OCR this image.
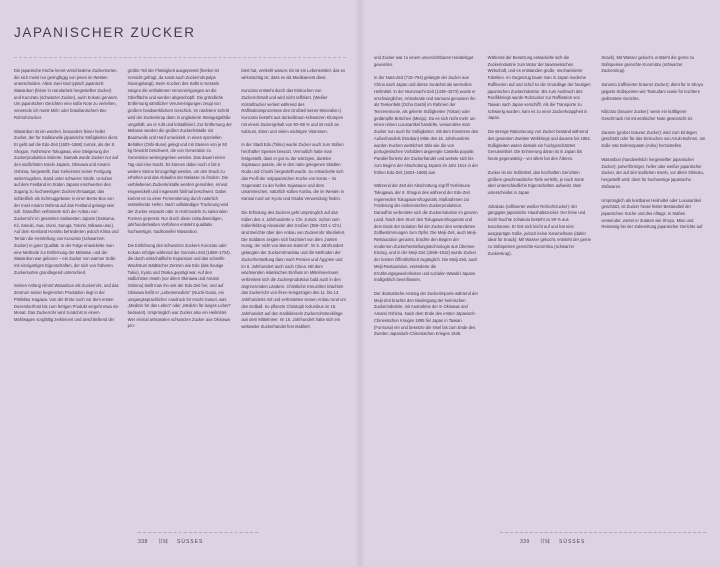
JAPANISCHER ZUCKER

Die japanische Küche kennt verschiedene Zuckersorten, die sich meist nur geringfügig von jenen im Westen unterscheiden. Allein zwei sind typisch japanisch: Wasanbon (feiner in Handarbeit hergestellter Zucker) und Kurozato (schwarzer Zucker), auch Kokuto genannt. Um japanischen Gerichten eine süße Note zu verleihen, verwende ich meist Mirin oder brasilianischem Bio-Rohrohrzucker.

Wasanbon ist ein weicher, besonders feiner heller Zucker, der für traditionelle japanische Süßigkeiten dient. Er geht auf die Edo-Zeit (1603–1868) zurück, als der 8. Shogun, Yoshimune Tokugawa, eine Steigerung der Zuckerproduktion initiierte. Damals wurde Zucker nur auf den südlichsten Inseln Japans, Okinawa und Amami Oshima, hergestellt. Das Geheimnis seiner Fertigung weiterzugeben, stand unter schwerer Strafe. Unruhen auf dem Festland im Süden Japans erschwerten den Zugang zu hochwertigem Zuckerrohrsaatgut, das schließlich als Schmuggelware in einer Bento-Box von der Insel Amami Oshima auf das Festland gelangt sein soll. Daraufhin verbreitete sich der Anbau von Zuckerrohr im gesamten Südwesten Japans (Satsuma, Kii, Sanuki, Awa, Izumi, Suruga, Totomi, Mikawa usw.). Auf dem Kernland Honshu behinderten jedoch Klima und Terrain die Herstellung von Kurozato (schwarzem Zucker) in guter Qualität. In der Folge entwickelte man eine Methode zur Entfernung der Melasse, und der Wasanbon war geboren – ein Zucker von warmer Süße mit einzigartigen Eigenschaften, der sich von früheren Zuckersorten grundlegend unterschied.

Seinen Anfang nimmt Wasanbon als Zuckerrohr, und das Zentrum seiner begrenzten Produktion liegt in der Präfektur Kagawa. Von der Ernte noch vor dem ersten Dezemberfrost bis zum fertigen Produkt vergeht etwa ein Monat. Das Zuckerrohr wird zunächst in einem Mahlwagen sorgfältig zerkleinert und anschließend der

größte Teil der Flüssigkeit ausgepresst (hierbei ist Vorsicht gefragt, da sonst auch Zuckerrohrpulpe hineingelangt). Beim Kochen des Safts in Kesseln steigen die enthaltenen Verunreinigungen an die Oberfläche und werden abgeschöpft. Die gründliche Entfernung sämtlicher Verunreinigungen zeugt von großem handwerklichem Geschick. Im nächsten Schritt wird der Zuckersirup dann in unglasierte Steingutgefäße umgefüllt, wo er ruht und kristallisiert. Zur Entfernung der Melasse werden die großen Zuckerkristalle mit Baumwolle und Hanf umwickelt, in einen speziellen Behälter (Oshi-Bune) gelegt und mit Steinen von je 50 kg Gewicht beschwert, die von Generation zu Generation weitergegeben werden. Das dauert einen Tag und eine Nacht. Es können dabei noch 4 bis 5 weitere Steine hinzugefügt werden, um den Druck zu erhöhen und das Ablaufen der Melasse zu fördern. Die verbliebenen Zuckerkristalle werden gemahlen, erneut eingewickelt und insgesamt fünfmal beschwert. Dabei kommt es zu einer Fermentierung durch natürlich entstehende Hefen. Nach vollständiger Trocknung wird der Zucker verpackt oder in Holzmodeln zu saisonalen Formen gepresst. Nur durch diese zeitaufwendigen, jahrhundertealten Verfahren entsteht qualitativ hochwertiger, traditioneller Wasanbon.

Die Einführung des schwarzen Zuckers Kurozato oder Kokuto erfolgte während der Genroku-Zeit (1688–1704), die durch wirtschaftliche Expansion und das schnelle Wachstum städtischer Zentren wie Edo (das heutige Tokio), Kyoto und Osaka geprägt war. Auf den südlichsten Inseln (vor allem Okinawa und Amami Oshima) stellt man ihn seit der Edo-Zeit her, und auf Okinawa heißt er „Lebensmedizin" (Nuchi-Gusui, ein umgangssprachlicher Ausdruck für Inochi Gusuri, was „Medizin für das Leben" oder „Medizin für langes Leben" bedeutet). Ursprünglich war Zucker also ein Heilmittel. Wer einmal artisanalen schwarzen Zucker aus Okinawa pro-

biert hat, versteht warum: Es ist ein Lebensmittel, das so wirkmächtig ist, dass es als Medikament dient.

Kurozato entsteht durch das Einkochen von Zuckerrohrsaft und wird nicht raffiniert. (Weißer Kristallzucker verliert während des Raffinationsprozesses den Großteil seiner Mineralien.) Kurozato besteht aus dunkelbraun-schwarzen Klumpen mit einem Zuckergehalt von 80–86 % und ist reich an Kalzium, Eisen und vielen wichtigen Vitaminen.

In der Stadt Edo (Tokio) wurde Zucker auch zum Süßen herzhafter Speisen benutzt. Vermutlich hatte man festgestellt, dass er gut zu der würzigen, dunklen Sojasauce passte, die in den nahe gelegenen Städten Noda und Choshi hergestellt wurde. So entwickelte sich das Profil der ostjapanischen Küche von Kanto – im Gegensatz zu der hellen Sojasauce und dem umamireichen, natürlich süßen Konbu, die im Westen in Kansai rund um Kyoto und Osaka Verwendung finden.

Die Erfindung des Zuckers geht ursprünglich auf das Indien des 4. Jahrhunderts v. Chr. zurück. Schon vom Indienfeldzug Alexander des Großen (356–323 v. Chr.) sind Berichte über den Anbau von Zuckerrohr überliefert. Die Soldaten zeigten sich fasziniert von dem „harten Honig, der nicht von Bienen stammt". Im 5. Jahrhundert gelangten der Zuckerrohranbau und die Methoden der Zuckerherstellung dann nach Persien und Ägypten und im 6. Jahrhundert auch nach China. Mit dem wachsenden islamischen Einfluss im Mittelmeerraum verbreitete sich die Zuckerproduktion bald auch in den angrenzenden Ländern. Christliche Kreuzritter brachten das Zuckerrohr von ihren Kriegszügen des 11. bis 13. Jahrhunderts mit und verbreiteten seinen Anbau rund um den Erdball. So pflanzte Christoph Kolumbus im 15. Jahrhundert auf den Karibikinseln Zuckerrohrstecklinge aus dem Mittelmeer. Im 16. Jahrhundert hatte sich ein weltweiter Zuckerhandel fest etabliert,

338 甘味 SÜSSES

und Zucker war zu einem unverzichtbaren Handelsgut geworden.

In der Nara-Zeit (710–794) gelangte der Zucker aus China nach Japan und diente zunächst als wertvolles Heilmittel. In der Muromachi-Zeit (1336–1573) wurde er erschwinglicher, Aristokratie und Samurai genossen ihn als Teekonfekt (Ocha Gashi) im Rahmen der Teezeremonie, als gelierte Süßigkeiten (Yokan) oder gedämpfte Brötchen (Manju). Da es sich nicht mehr um einen reinen Luxusartikel handelte, verwendete man Zucker nun auch für Süßigkeiten. Mit dem Einsetzen des Außenhandels (Nanban) Mitte des 16. Jahrhunderts wurden Kuchen westlichen Stils wie die von portugiesischen Vorbildern angeregte Castella populär. Parallel florierte der Zuckerhandel und weitete sich bis zum Beginn der Abschottung Japans im Jahr 1614 in der frühen Edo-Zeit (1603–1868) aus.

Während der Zeit der Abschottung ergriff Yoshimune Tokugawa, der 8. Shogun des während der Edo-Zeit regierenden Tokugawa-Shogunats, Maßnahmen zur Förderung der einheimischen Zuckerproduktion. Daraufhin verbreitete sich die Zuckerindustrie im ganzen Land. Nach dem Sturz des Tokugawa-Shogunats und dem Ende der Isolation fiel der Zucker den veränderten Zollbestimmungen zum Opfer. Die Meiji-Zeit, auch Meiji-Restauration genannt, brachte den Beginn der modernen Zuckerherstellungstechnologie aus Übersee Einzug, und in der Meiji-Zeit (1868–1912) wurde Zucker der breiten Öffentlichkeit zugänglich. Die Meiji-Zeit, auch Meiji-Restauration, veränderte die Ernährungsgewohnheiten und sozialen Wandel Japans maßgeblich beeinflussen.

Der dramatische Anstieg der Zuckerimporte während der Meiji-Zeit brachte den Niedergang der heimischen Zuckerindustrie, mit Ausnahme der in Okinawa und Amami Oshima. Nach dem Ende des ersten Japanisch-Chinesischen Krieges 1895 fiel Japan in Taiwan (Formosa) ein und besetzte die Insel bis zum Ende des Zweiten Japanisch-Chinesischen Krieges 1945.

Während der Besetzung entwickelte sich die Zuckerindustrie zum Motor der taiwanesischen Wirtschaft, und es entstanden große, mechanisierte Fabriken. Im Gegenzug baute man in Japan moderne Raffinerien auf und schuf so die Grundlage der heutigen japanischen Zuckerindustrie. Bis zum Ausbruch des Pazifikkriegs wurde Rohzucker zur Raffination von Taiwan nach Japan verschifft. Als die Transporte zu schwierig wurden, kam es zu einer Zuckerknappheit in Japan.

Die strenge Rationierung von Zucker bestand während des gesamten Zweiten Weltkriegs und dauerte bis 1952. Süßigkeiten waren damals ein hochgeschätztes Genussmittel. Die Erinnerung daran ist in Japan bis heute gegenwärtig – vor allem bei den Älteren.

Zucker ist ein Süßmittel, das herzhaften Gerichten größere geschmackliche Tiefe verleiht, je nach Sorte aber unterschiedliche Eigenschaften aufweist. Man unterscheidet in Japan

Johakuto (raffinierter weißer Rohrohrzucker): der gängigste japanische Haushaltszucker. Der feine und leicht feuchte Johakuto besteht zu 99 % aus Saccharose. Er löst sich leicht auf und hat eine ausgeprägte Süße, jedoch keine Karamellnote (daher ideal für Snack). Mit Wasser gekocht, entsteht der gerne zu Süßspeisen gereichte Kuromitsu (schwarzer Zuckersirup).

Snack). Mit Wasser gekocht, entsteht der gerne zu Süßspeisen gereichte Kuromitsu (schwarzer Zuckersirup).

Sanonto (raffinierter brauner Zucker): dient für in Shoyu gegarte Süßspeisen wie Tsukudani sowie für leichtere gedünstete Gerichte.

Kibizato (brauner Zucker): wenn ein kräftigerer Geschmack mit mineralischer Note gewünscht ist.

Zarame (grober brauner Zucker): wird zum Einlegen geschätzt oder für das Einkochen von Azuki-Bohnen, um süße rote Bohnenpaste (Anko) herzustellen.

Wasanbon (handwerklich hergestellter japanischer Zucker): pulverförmiger, heller oder weißer japanischer Zucker, der auf den südlichen Inseln, vor allem Shikoku, hergestellt wird; dient für hochwertige japanische Süßwaren.

Ursprünglich als kostbares Heilmittel oder Luxusartikel geschätzt, ist Zucker heute fester Bestandteil der japanischen Küche und des Alltags. In Maßen verwendet, wertet er Zutaten wie Shoyu, Miso und Reisessig bei der Zubereitung japanischer Gerichte auf

339 甘味 SÜSSES
